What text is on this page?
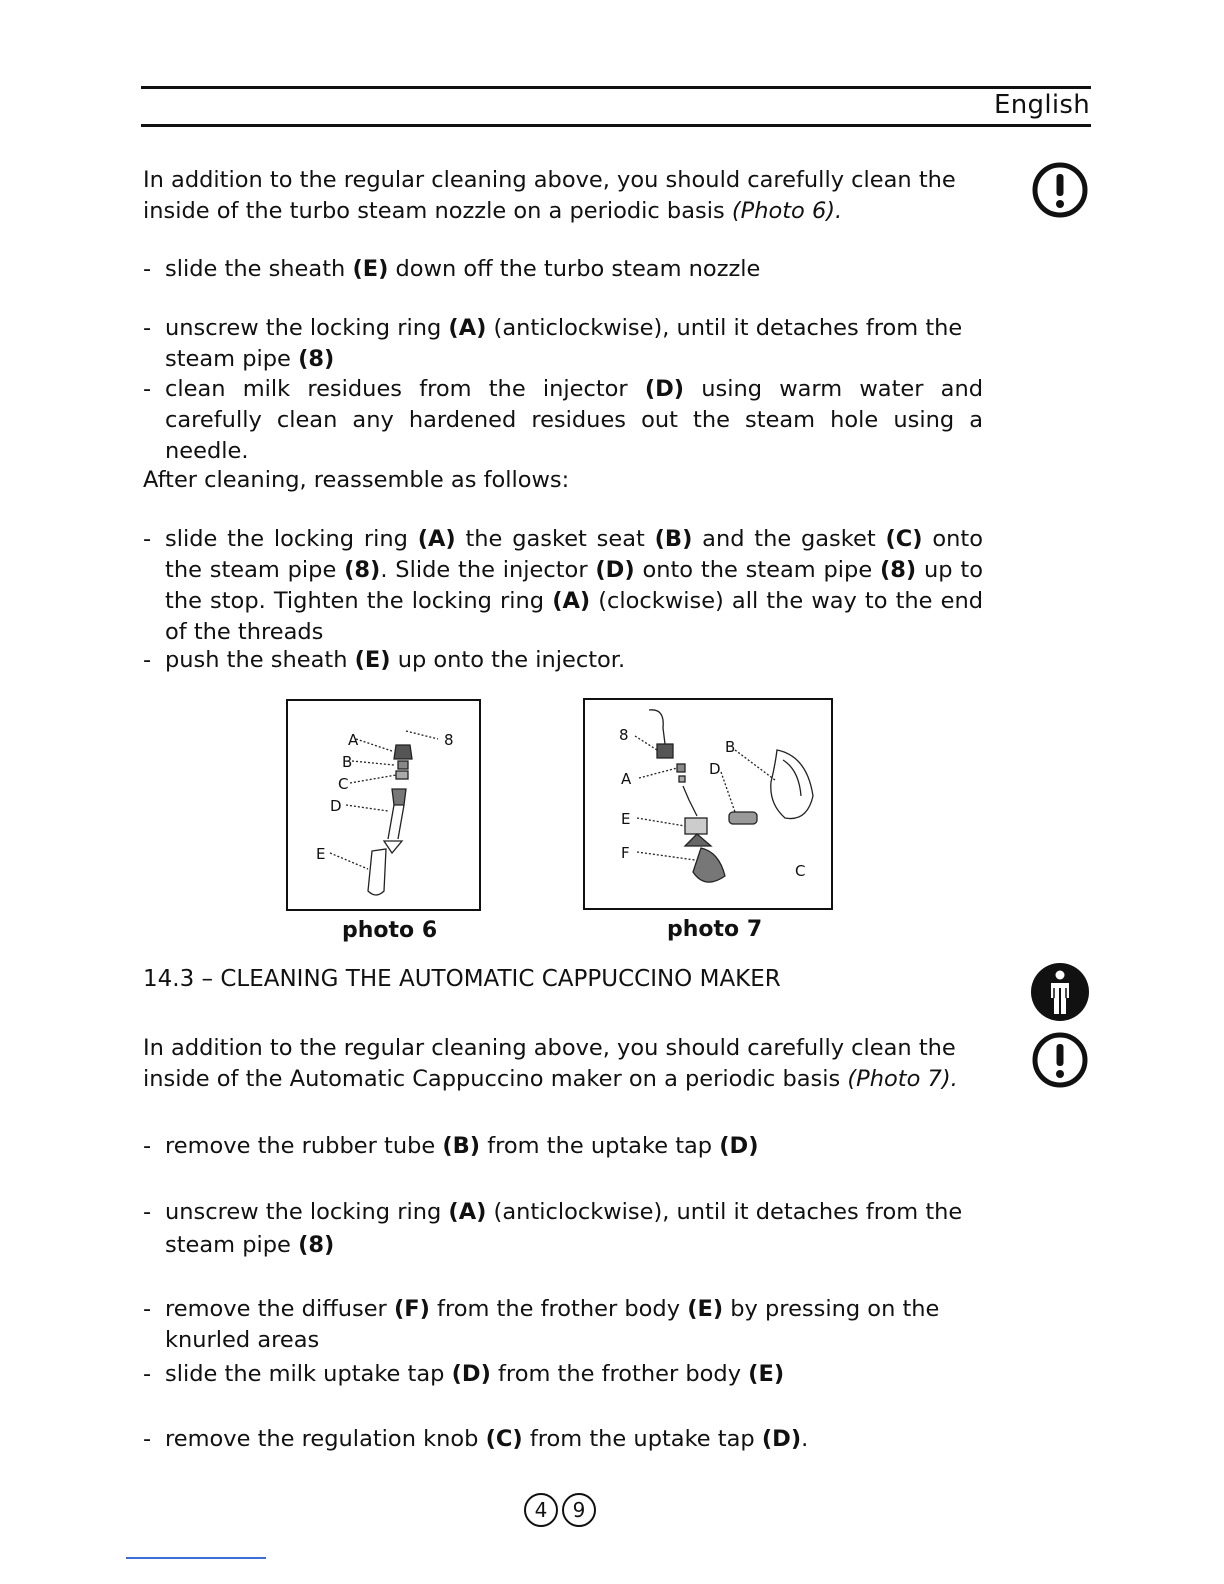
English
In addition to the regular cleaning above, you should carefully clean the inside of the turbo steam nozzle on a periodic basis (Photo 6).
- slide the sheath (E) down off the turbo steam nozzle
- unscrew the locking ring (A) (anticlockwise), until it detaches from the steam pipe (8)
- clean milk residues from the injector (D) using warm water and carefully clean any hardened residues out the steam hole using a needle.
After cleaning, reassemble as follows:
- slide the locking ring (A) the gasket seat (B) and the gasket (C) onto the steam pipe (8). Slide the injector (D) onto the steam pipe (8) up to the stop. Tighten the locking ring (A) (clockwise) all the way to the end of the threads
- push the sheath (E) up onto the injector.
A
B
C
D
E
8
photo 6
8
A
E
F
B
D
C
photo 7
14.3 – CLEANING THE AUTOMATIC CAPPUCCINO MAKER
In addition to the regular cleaning above, you should carefully clean the inside of the Automatic Cappuccino maker on a periodic basis (Photo 7).
- remove the rubber tube (B) from the uptake tap (D)
- unscrew the locking ring (A) (anticlockwise), until it detaches from the steam pipe (8)
- remove the diffuser (F) from the frother body (E) by pressing on the knurled areas
- slide the milk uptake tap (D) from the frother body (E)
- remove the regulation knob (C) from the uptake tap (D).
4 9
